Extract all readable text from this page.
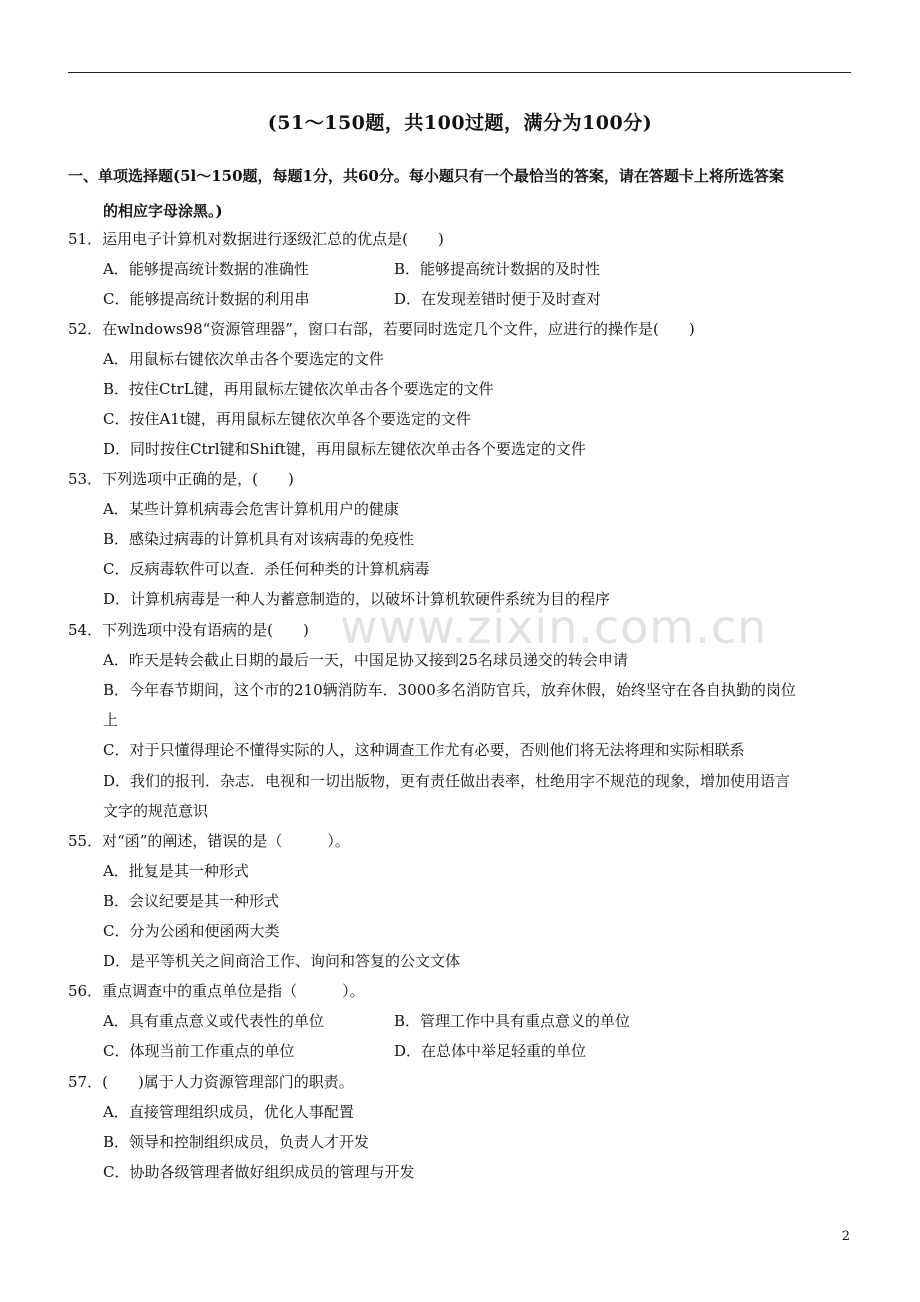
(51～150题，共100过题，满分为100分)
一、单项选择题(5l～150题，每题1分，共60分。每小题只有一个最恰当的答案，请在答题卡上将所选答案
的相应字母涂黑。)
www.zixin.com.cn
51．运用电子计算机对数据进行逐级汇总的优点是(　　)
A．能够提高统计数据的准确性	B．能够提高统计数据的及时性
C．能够提高统计数据的利用串	D．在发现差错时便于及时查对
52．在wlndows98“资源管理器”，窗口右部，若要同时选定几个文件，应进行的操作是(　　)
A．用鼠标右键依次单击各个要选定的文件
B．按住CtrL键，再用鼠标左键依次单击各个要选定的文件
C．按住A1t键，再用鼠标左键依次单各个要选定的文件
D．同时按住Ctrl键和Shift键，再用鼠标左键依次单击各个要选定的文件
53．下列选项中正确的是，(　　)
A．某些计算机病毒会危害计算机用户的健康
B．感染过病毒的计算机具有对该病毒的免疫性
C．反病毒软件可以查．杀任何种类的计算机病毒
D．计算机病毒是一种人为蓄意制造的，以破坏计算机软硬件系统为目的程序
54．下列选项中没有语病的是(　　)
A．昨天是转会截止日期的最后一天，中国足协又接到25名球员递交的转会申请
B．今年春节期间，这个市的210辆消防车．3000多名消防官兵，放弃休假，始终坚守在各自执勤的岗位
上
C．对于只懂得理论不懂得实际的人，这种调查工作尤有必要，否则他们将无法将理和实际相联系
D．我们的报刊．杂志．电视和一切出版物，更有责任做出表率，杜绝用字不规范的现象，增加使用语言
文字的规范意识
55．对“函”的阐述，错误的是（　　　）。
A．批复是其一种形式
B．会议纪要是其一种形式
C．分为公函和便函两大类
D．是平等机关之间商洽工作、询问和答复的公文文体
56．重点调查中的重点单位是指（　　　）。
A．具有重点意义或代表性的单位	B．管理工作中具有重点意义的单位
C．体现当前工作重点的单位	D．在总体中举足轻重的单位
57．(　　)属于人力资源管理部门的职责。
A．直接管理组织成员，优化人事配置
B．领导和控制组织成员，负责人才开发
C．协助各级管理者做好组织成员的管理与开发
2
